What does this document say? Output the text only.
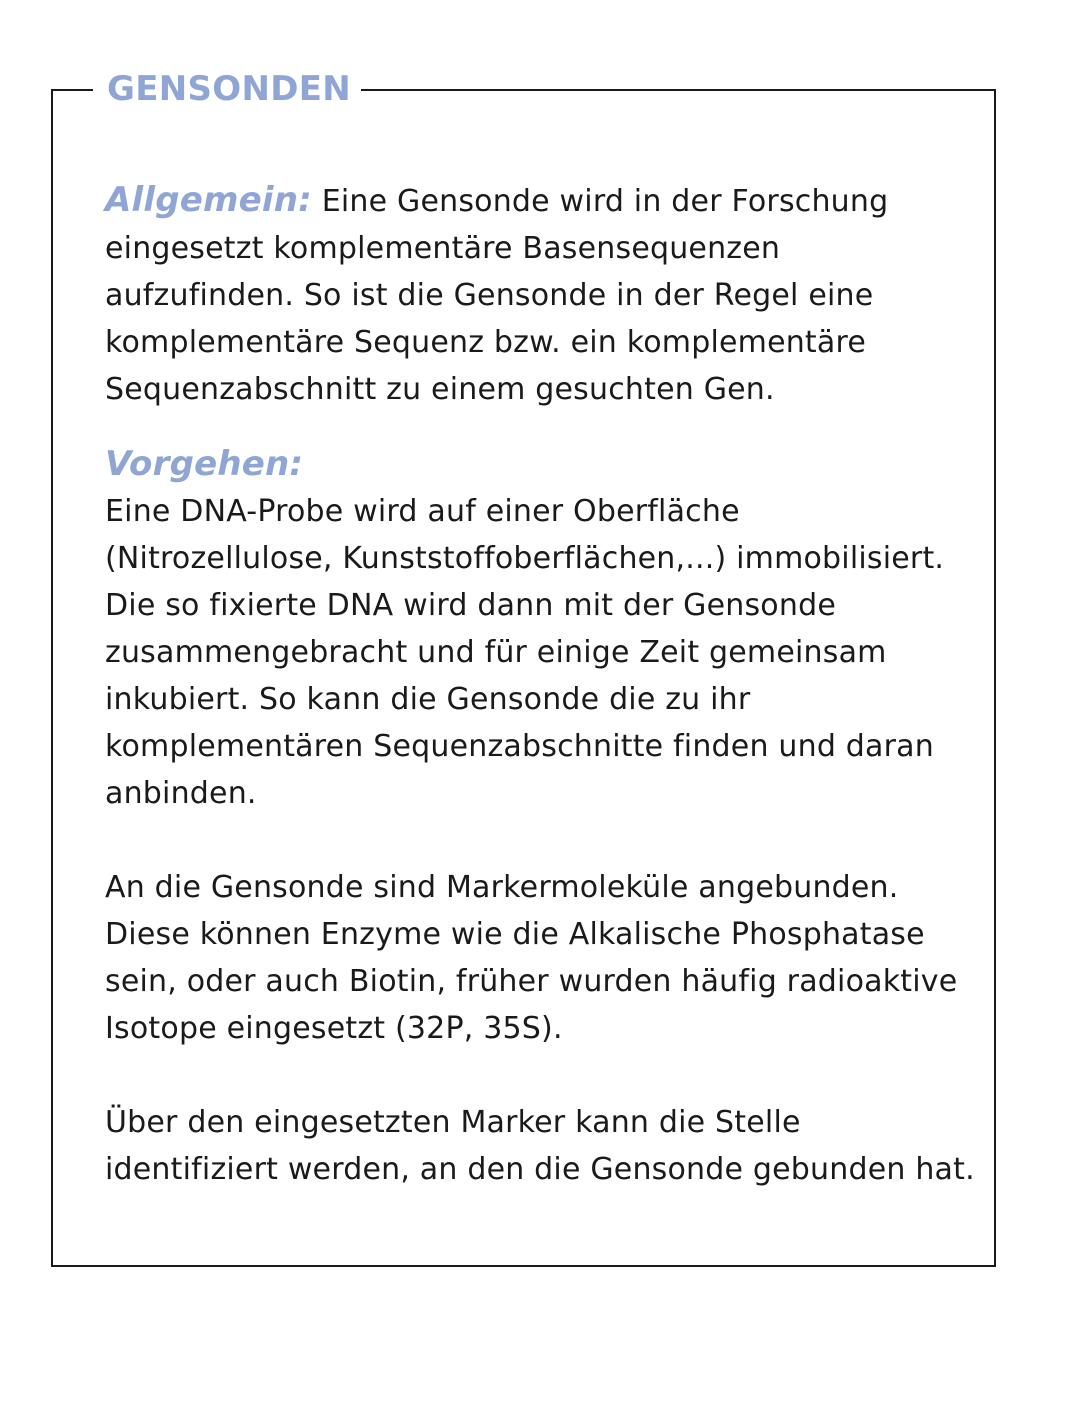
GENSONDEN

Allgemein: Eine Gensonde wird in der Forschung eingesetzt komplementäre Basensequenzen aufzufinden. So ist die Gensonde in der Regel eine komplementäre Sequenz bzw. ein komplementäre Sequenzabschnitt zu einem gesuchten Gen.

Vorgehen:

Eine DNA-Probe wird auf einer Oberfläche (Nitrozellulose, Kunststoffoberflächen,...) immobilisiert. Die so fixierte DNA wird dann mit der Gensonde zusammengebracht und für einige Zeit gemeinsam inkubiert. So kann die Gensonde die zu ihr komplementären Sequenzabschnitte finden und daran anbinden.

An die Gensonde sind Markermoleküle angebunden. Diese können Enzyme wie die Alkalische Phosphatase sein, oder auch Biotin, früher wurden häufig radioaktive Isotope eingesetzt (32P, 35S).

Über den eingesetzten Marker kann die Stelle identifiziert werden, an den die Gensonde gebunden hat.
